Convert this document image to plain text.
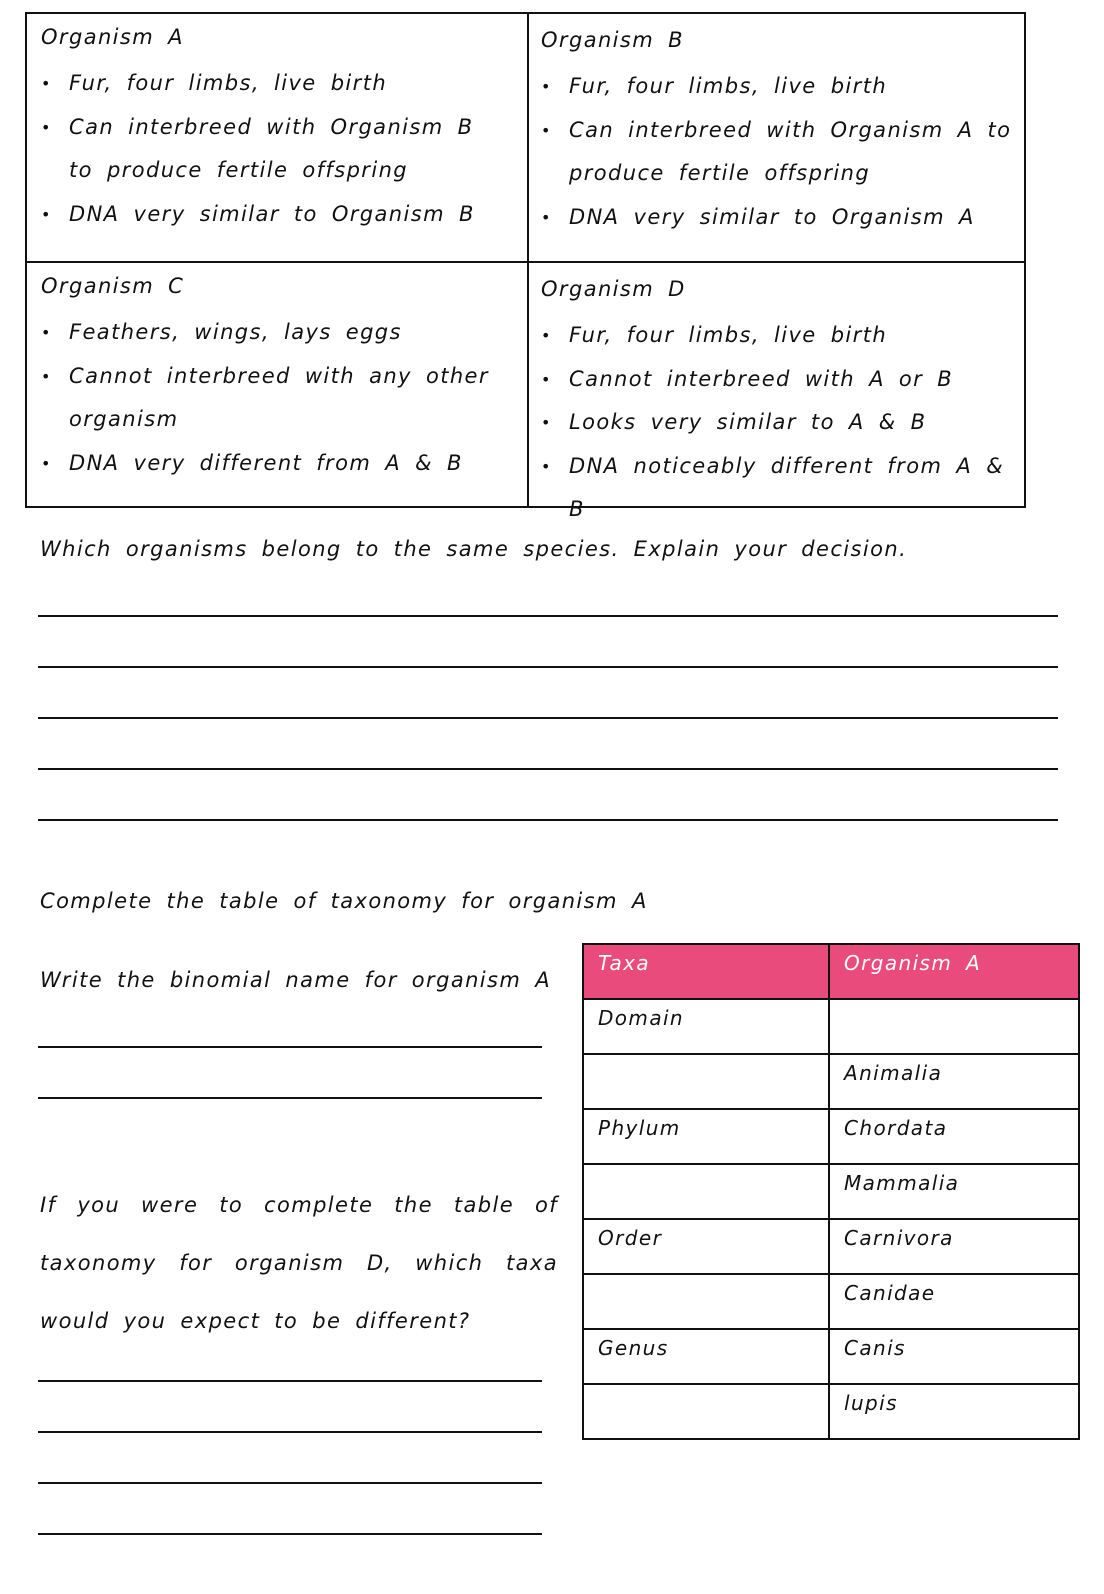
Organism A
• Fur, four limbs, live birth
• Can interbreed with Organism B to produce fertile offspring
• DNA very similar to Organism B
Organism B
• Fur, four limbs, live birth
• Can interbreed with Organism A to produce fertile offspring
• DNA very similar to Organism A
Organism C
• Feathers, wings, lays eggs
• Cannot interbreed with any other organism
• DNA very different from A & B
Organism D
• Fur, four limbs, live birth
• Cannot interbreed with A or B
• Looks very similar to A & B
• DNA noticeably different from A & B
Which organisms belong to the same species. Explain your decision.
Complete the table of taxonomy for organism A
Write the binomial name for organism A
If you were to complete the table of taxonomy for organism D, which taxa would you expect to be different?
Taxa	Organism A
Domain	
	Animalia
Phylum	Chordata
	Mammalia
Order	Carnivora
	Canidae
Genus	Canis
	lupis
